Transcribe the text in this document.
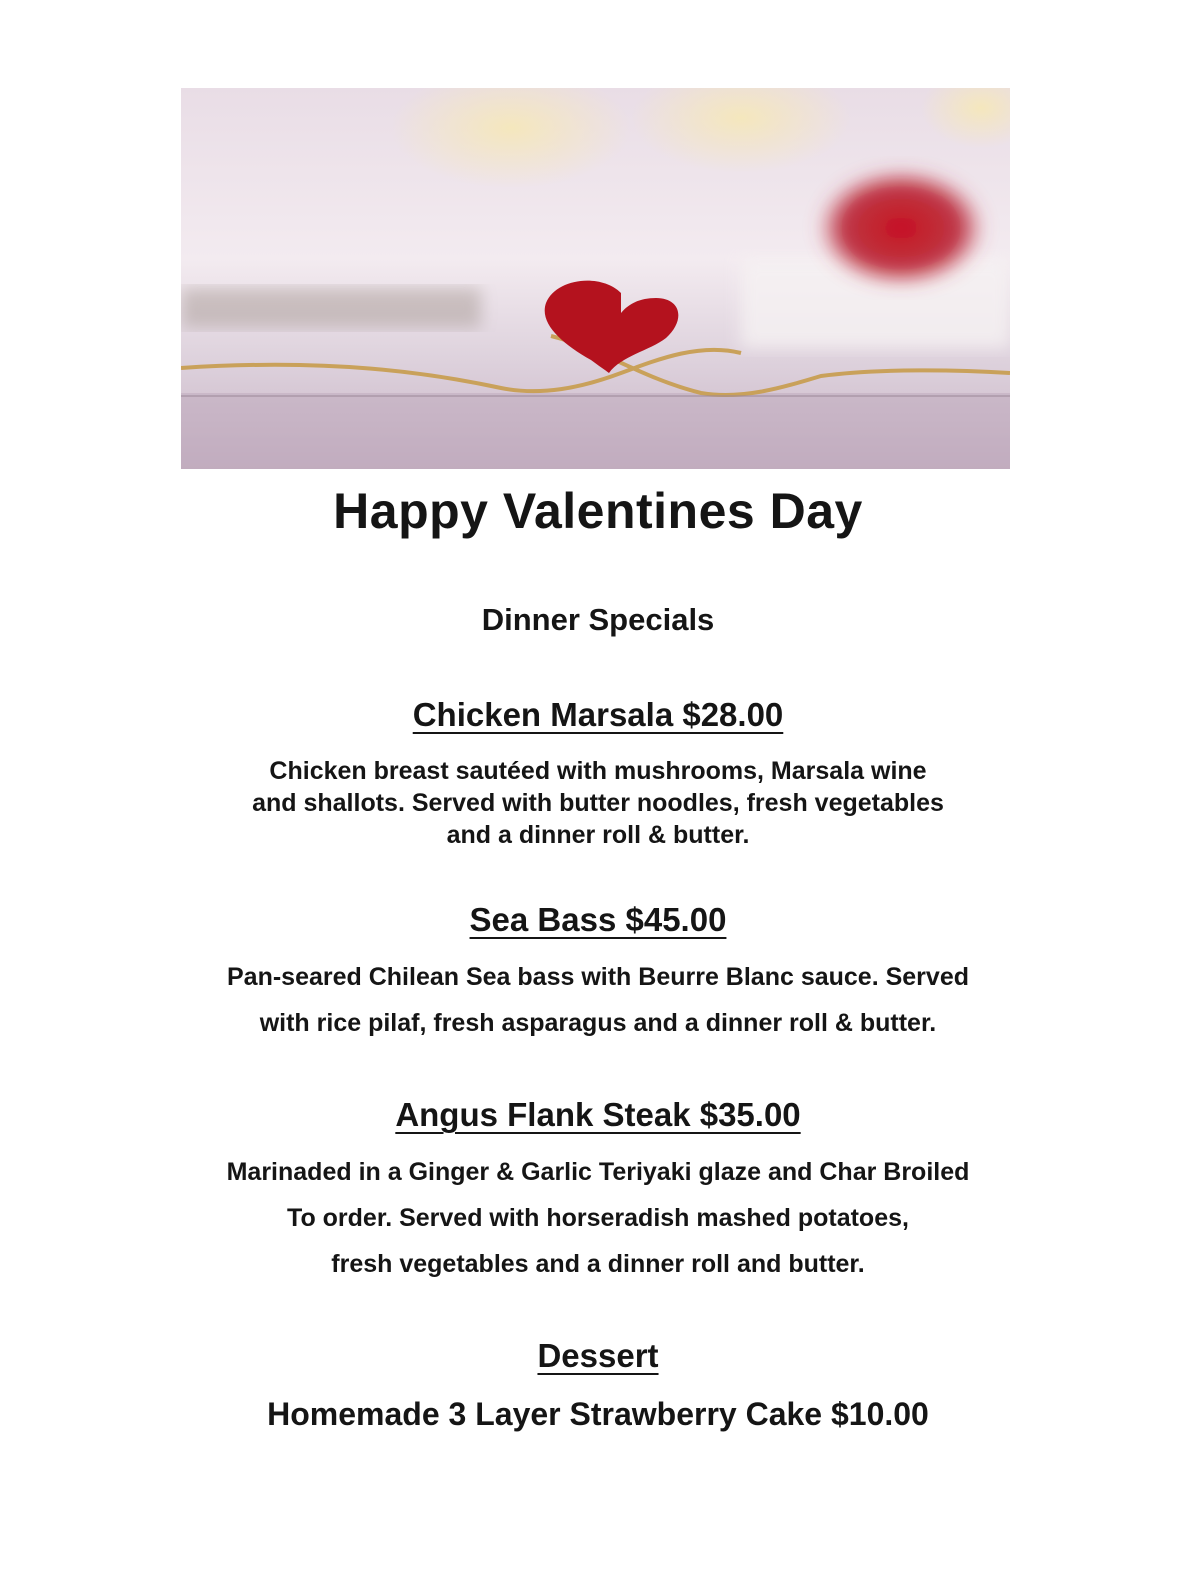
Happy Valentines Day
Dinner Specials
Chicken Marsala $28.00
Chicken breast sautéed with mushrooms, Marsala wine
and shallots. Served with butter noodles, fresh vegetables
and a dinner roll & butter.
Sea Bass $45.00
Pan-seared Chilean Sea bass with Beurre Blanc sauce. Served
with rice pilaf, fresh asparagus and a dinner roll & butter.
Angus Flank Steak $35.00
Marinaded in a Ginger & Garlic Teriyaki glaze and Char Broiled
To order. Served with horseradish mashed potatoes,
fresh vegetables and a dinner roll and butter.
Dessert
Homemade 3 Layer Strawberry Cake $10.00
